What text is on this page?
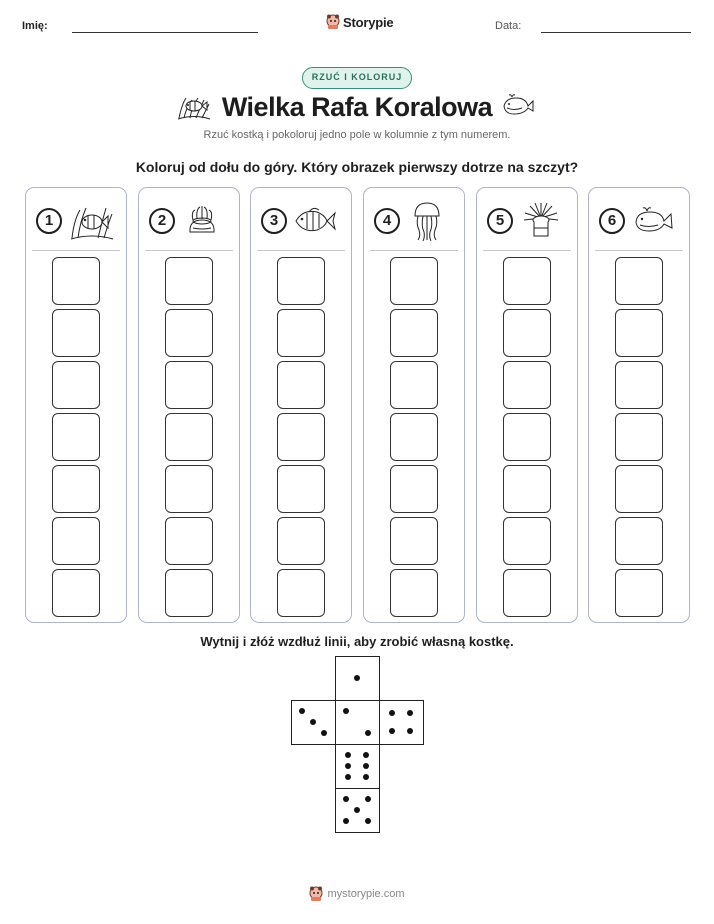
Imię:	Storypie	Data:
RZUĆ I KOLORUJ
Wielka Rafa Koralowa
Rzuć kostką i pokoloruj jedno pole w kolumnie z tym numerem.
Koloruj od dołu do góry. Który obrazek pierwszy dotrze na szczyt?
1	2	3	4	5	6
Wytnij i złóż wzdłuż linii, aby zrobić własną kostkę.
mystorypie.com
